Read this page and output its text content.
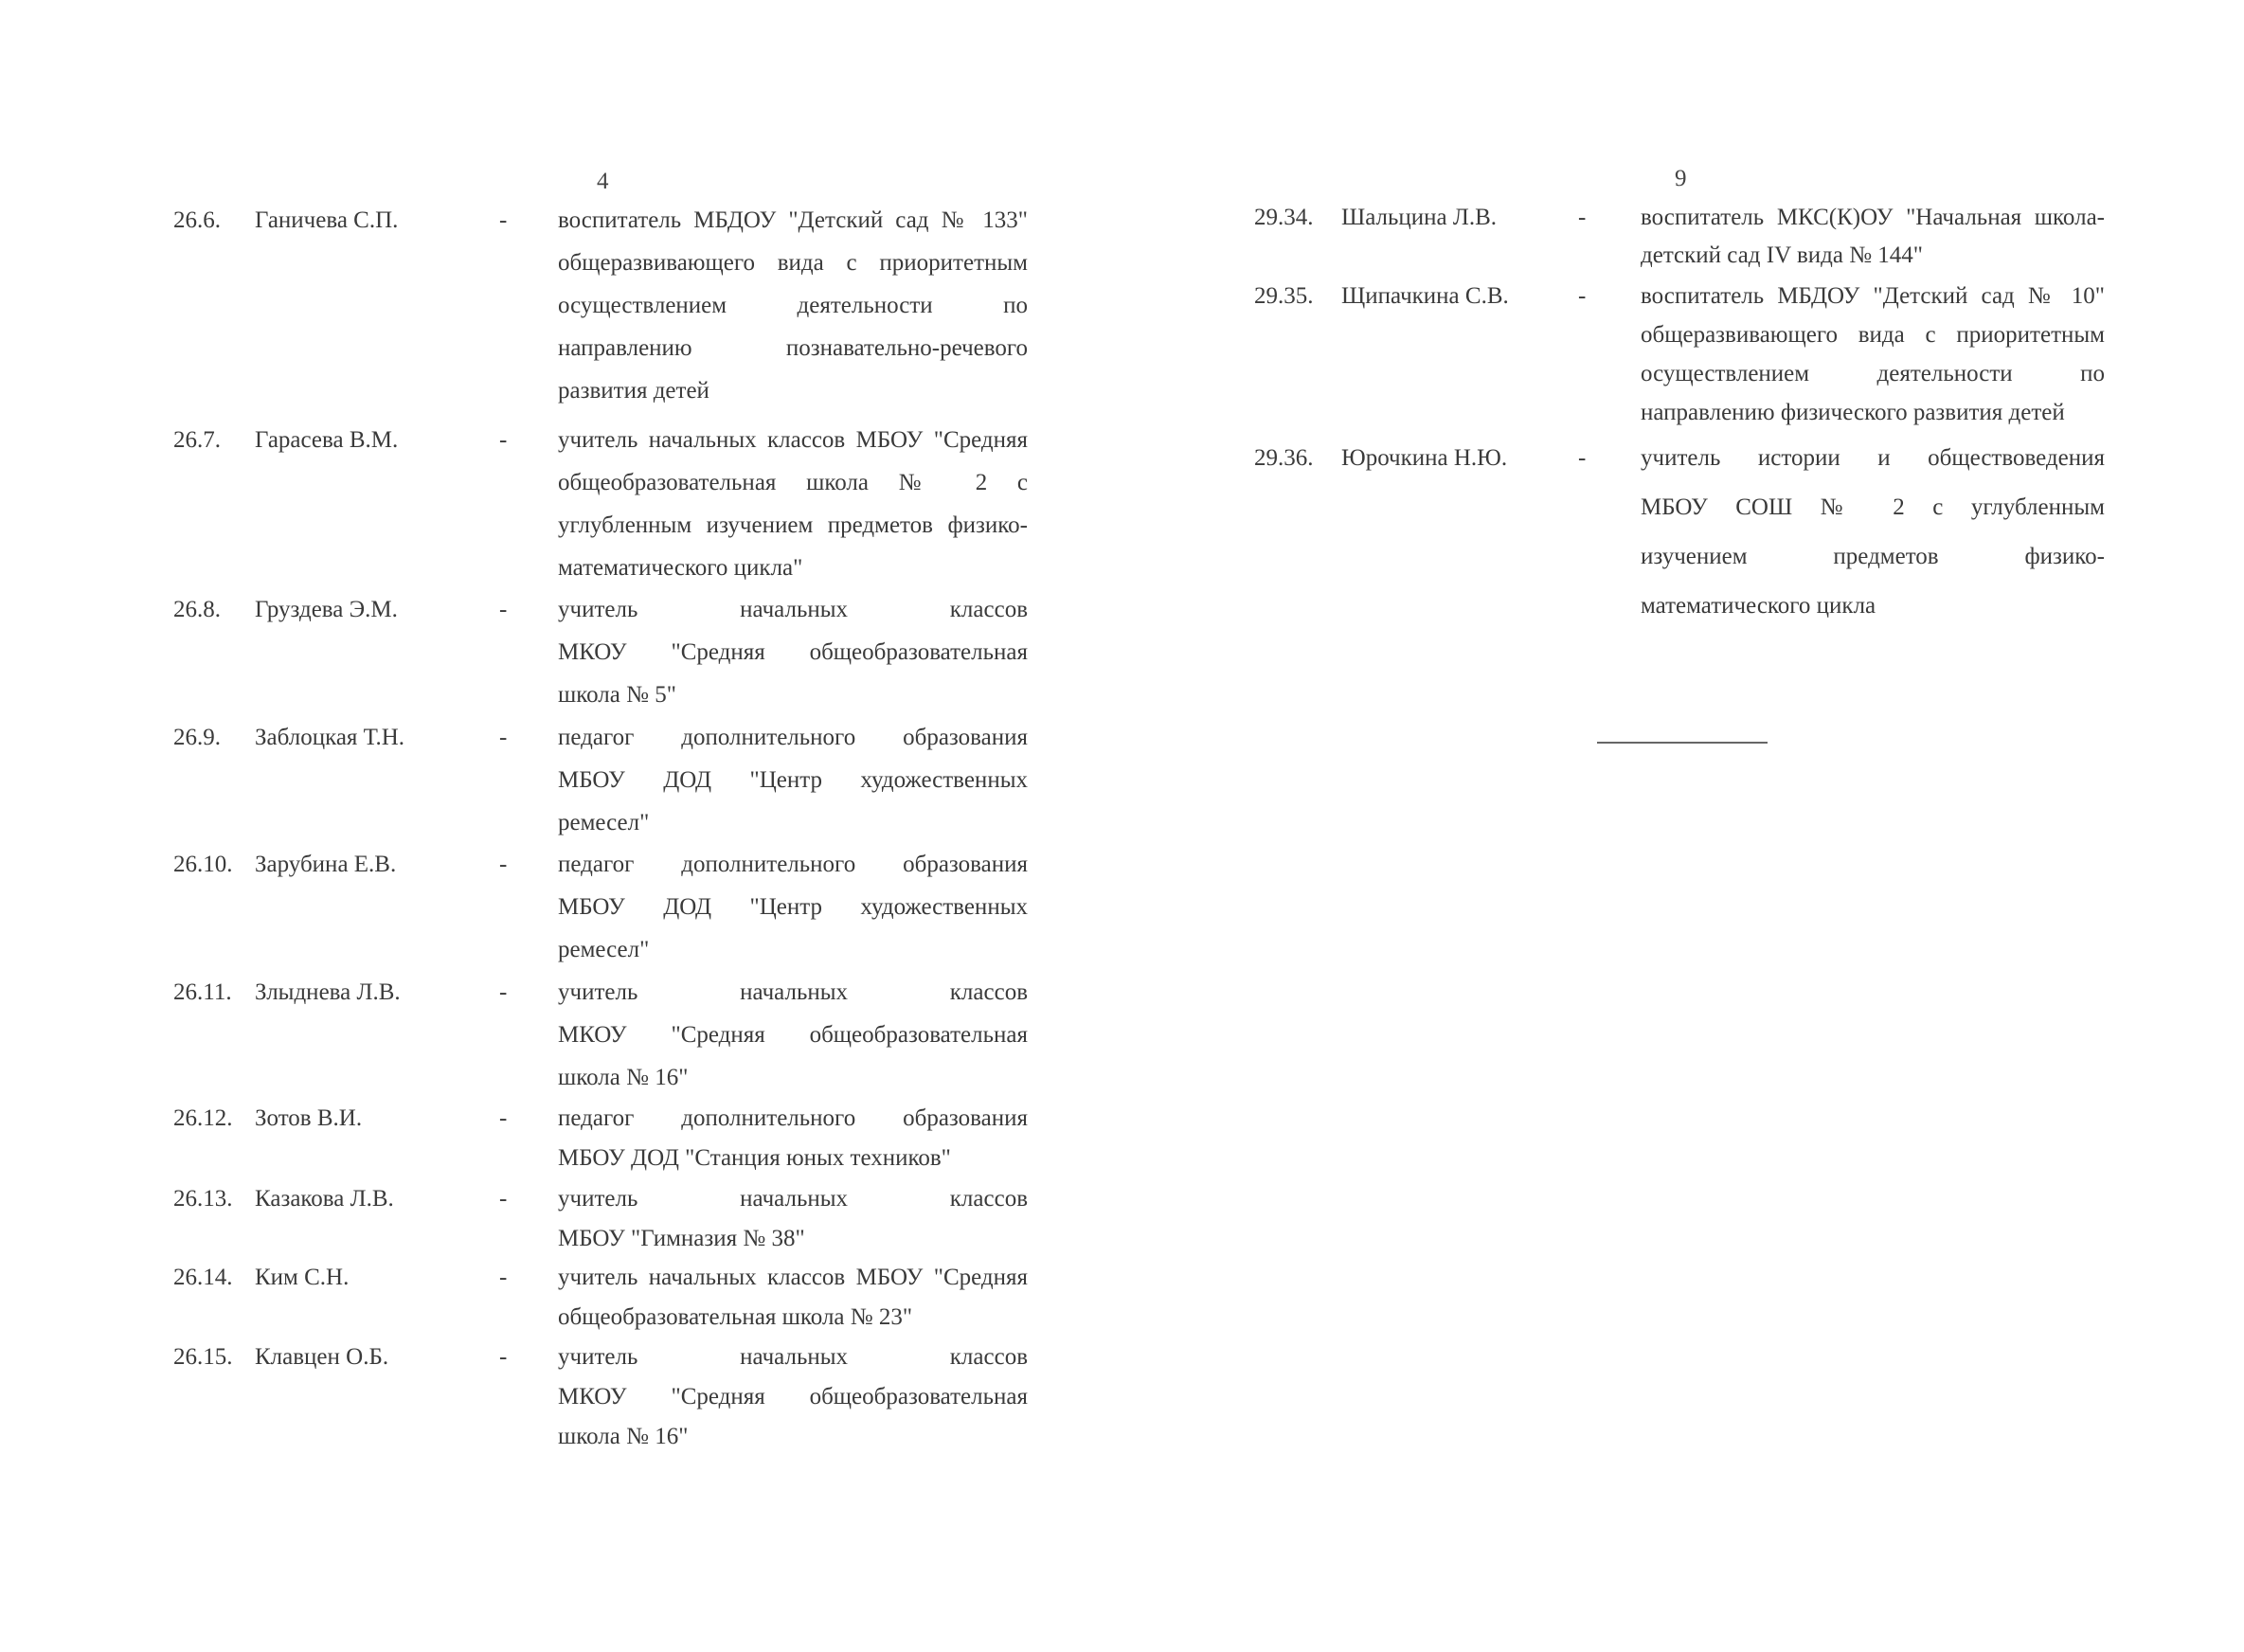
4
26.6. Ганичева С.П.	- воспитатель МБДОУ "Детский сад № 133"
общеразвивающего вида с приоритетным
осуществлением деятельности по
направлению познавательно-речевого
развития детей
26.7. Гарасева В.М.	- учитель начальных классов МБОУ "Средняя
общеобразовательная школа № 2 с
углубленным изучением предметов физико-
математического цикла"
26.8. Груздева Э.М.	- учитель начальных классов
МКОУ "Средняя общеобразовательная
школа № 5"
26.9. Заблоцкая Т.Н.	- педагог дополнительного образования
МБОУ ДОД "Центр художественных
ремесел"
26.10. Зарубина Е.В.	- педагог дополнительного образования
МБОУ ДОД "Центр художественных
ремесел"
26.11. Злыднева Л.В.	- учитель начальных классов
МКОУ "Средняя общеобразовательная
школа № 16"
26.12. Зотов В.И.	- педагог дополнительного образования
МБОУ ДОД "Станция юных техников"
26.13. Казакова Л.В.	- учитель начальных классов
МБОУ "Гимназия № 38"
26.14. Ким С.Н.	- учитель начальных классов МБОУ "Средняя
общеобразовательная школа № 23"
26.15. Клавцен О.Б.	- учитель начальных классов
МКОУ "Средняя общеобразовательная
школа № 16"
9
29.34. Шальцина Л.В.	- воспитатель МКС(К)ОУ "Начальная школа-
детский сад IV вида № 144"
29.35. Щипачкина С.В.	- воспитатель МБДОУ "Детский сад № 10"
общеразвивающего вида с приоритетным
осуществлением деятельности по
направлению физического развития детей
29.36. Юрочкина Н.Ю.	- учитель истории и обществоведения
МБОУ СОШ № 2 с углубленным
изучением предметов физико-
математического цикла
